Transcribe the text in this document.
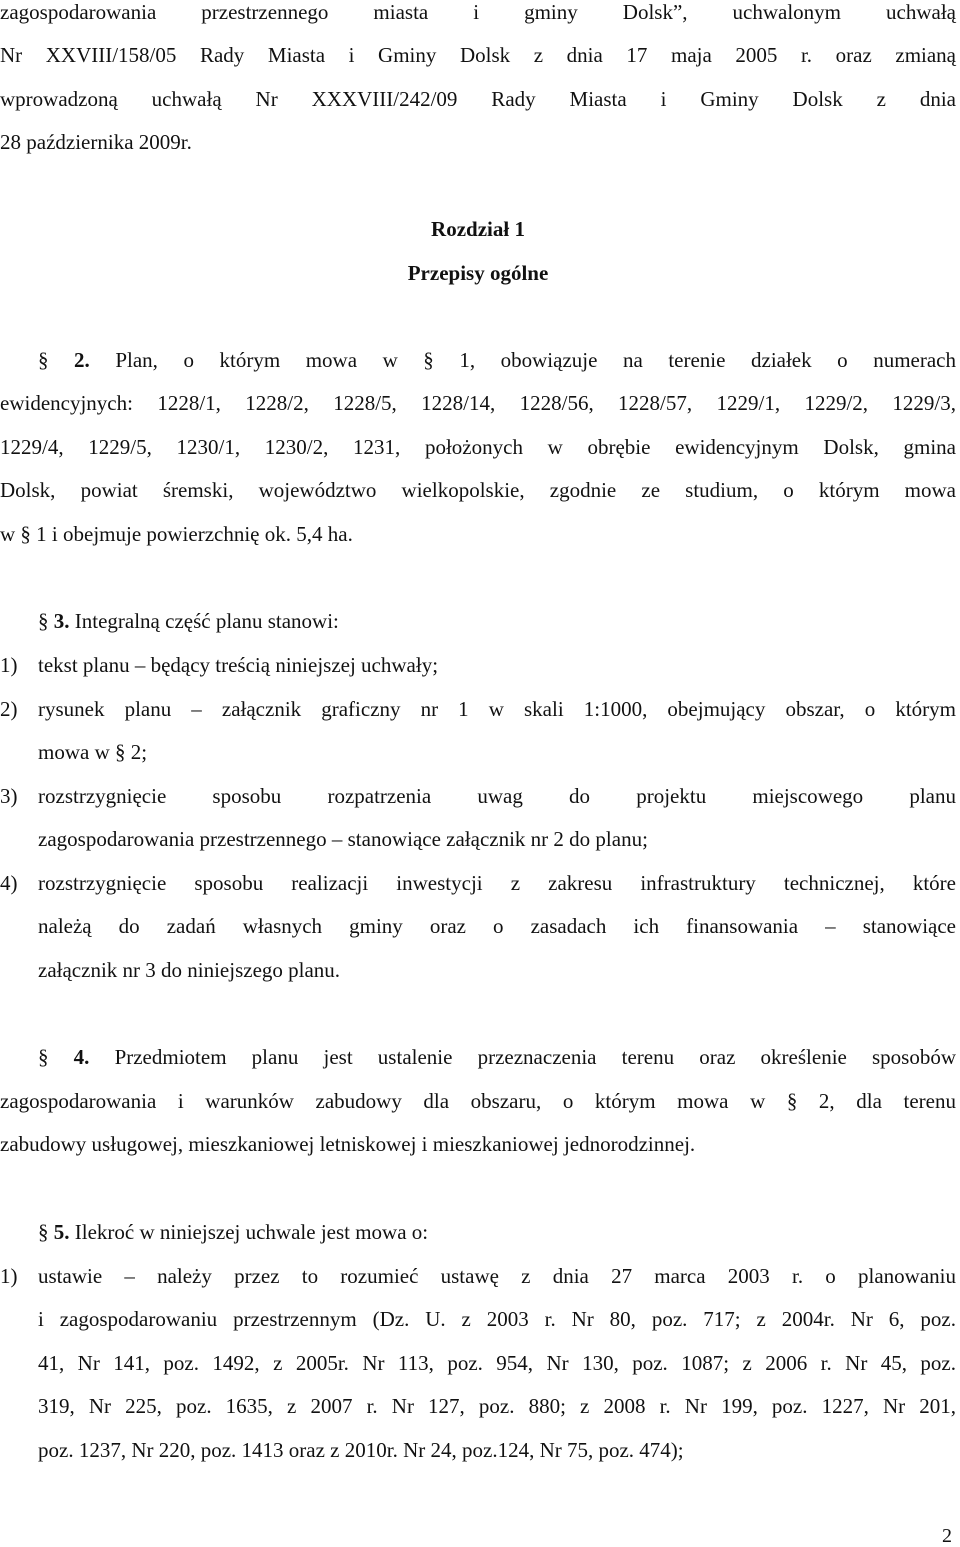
zagospodarowania przestrzennego miasta i gminy Dolsk”, uchwalonym uchwałą
Nr XXVIII/158/05 Rady Miasta i Gminy Dolsk z dnia 17 maja 2005 r. oraz zmianą
wprowadzoną uchwałą Nr XXXVIII/242/09 Rady Miasta i Gminy Dolsk z dnia
28 października 2009r.
Rozdział 1
Przepisy ogólne
§ 2. Plan, o którym mowa w § 1, obowiązuje na terenie działek o numerach
ewidencyjnych: 1228/1, 1228/2, 1228/5, 1228/14, 1228/56, 1228/57, 1229/1, 1229/2, 1229/3,
1229/4, 1229/5, 1230/1, 1230/2, 1231, położonych w obrębie ewidencyjnym Dolsk, gmina
Dolsk, powiat śremski, województwo wielkopolskie, zgodnie ze studium, o którym mowa
w § 1 i obejmuje powierzchnię ok. 5,4 ha.
§ 3. Integralną część planu stanowi:
1) tekst planu – będący treścią niniejszej uchwały;
2) rysunek planu – załącznik graficzny nr 1 w skali 1:1000, obejmujący obszar, o którym
mowa w § 2;
3) rozstrzygnięcie sposobu rozpatrzenia uwag do projektu miejscowego planu
zagospodarowania przestrzennego – stanowiące załącznik nr 2 do planu;
4) rozstrzygnięcie sposobu realizacji inwestycji z zakresu infrastruktury technicznej, które
należą do zadań własnych gminy oraz o zasadach ich finansowania – stanowiące
załącznik nr 3 do niniejszego planu.
§ 4. Przedmiotem planu jest ustalenie przeznaczenia terenu oraz określenie sposobów
zagospodarowania i warunków zabudowy dla obszaru, o którym mowa w § 2, dla terenu
zabudowy usługowej, mieszkaniowej letniskowej i mieszkaniowej jednorodzinnej.
§ 5. Ilekroć w niniejszej uchwale jest mowa o:
1) ustawie – należy przez to rozumieć ustawę z dnia 27 marca 2003 r. o planowaniu
i zagospodarowaniu przestrzennym (Dz. U. z 2003 r. Nr 80, poz. 717; z 2004r. Nr 6, poz.
41, Nr 141, poz. 1492, z 2005r. Nr 113, poz. 954, Nr 130, poz. 1087; z 2006 r. Nr 45, poz.
319, Nr 225, poz. 1635, z 2007 r. Nr 127, poz. 880; z 2008 r. Nr 199, poz. 1227, Nr 201,
poz. 1237, Nr 220, poz. 1413 oraz z 2010r. Nr 24, poz.124, Nr 75, poz. 474);
2
